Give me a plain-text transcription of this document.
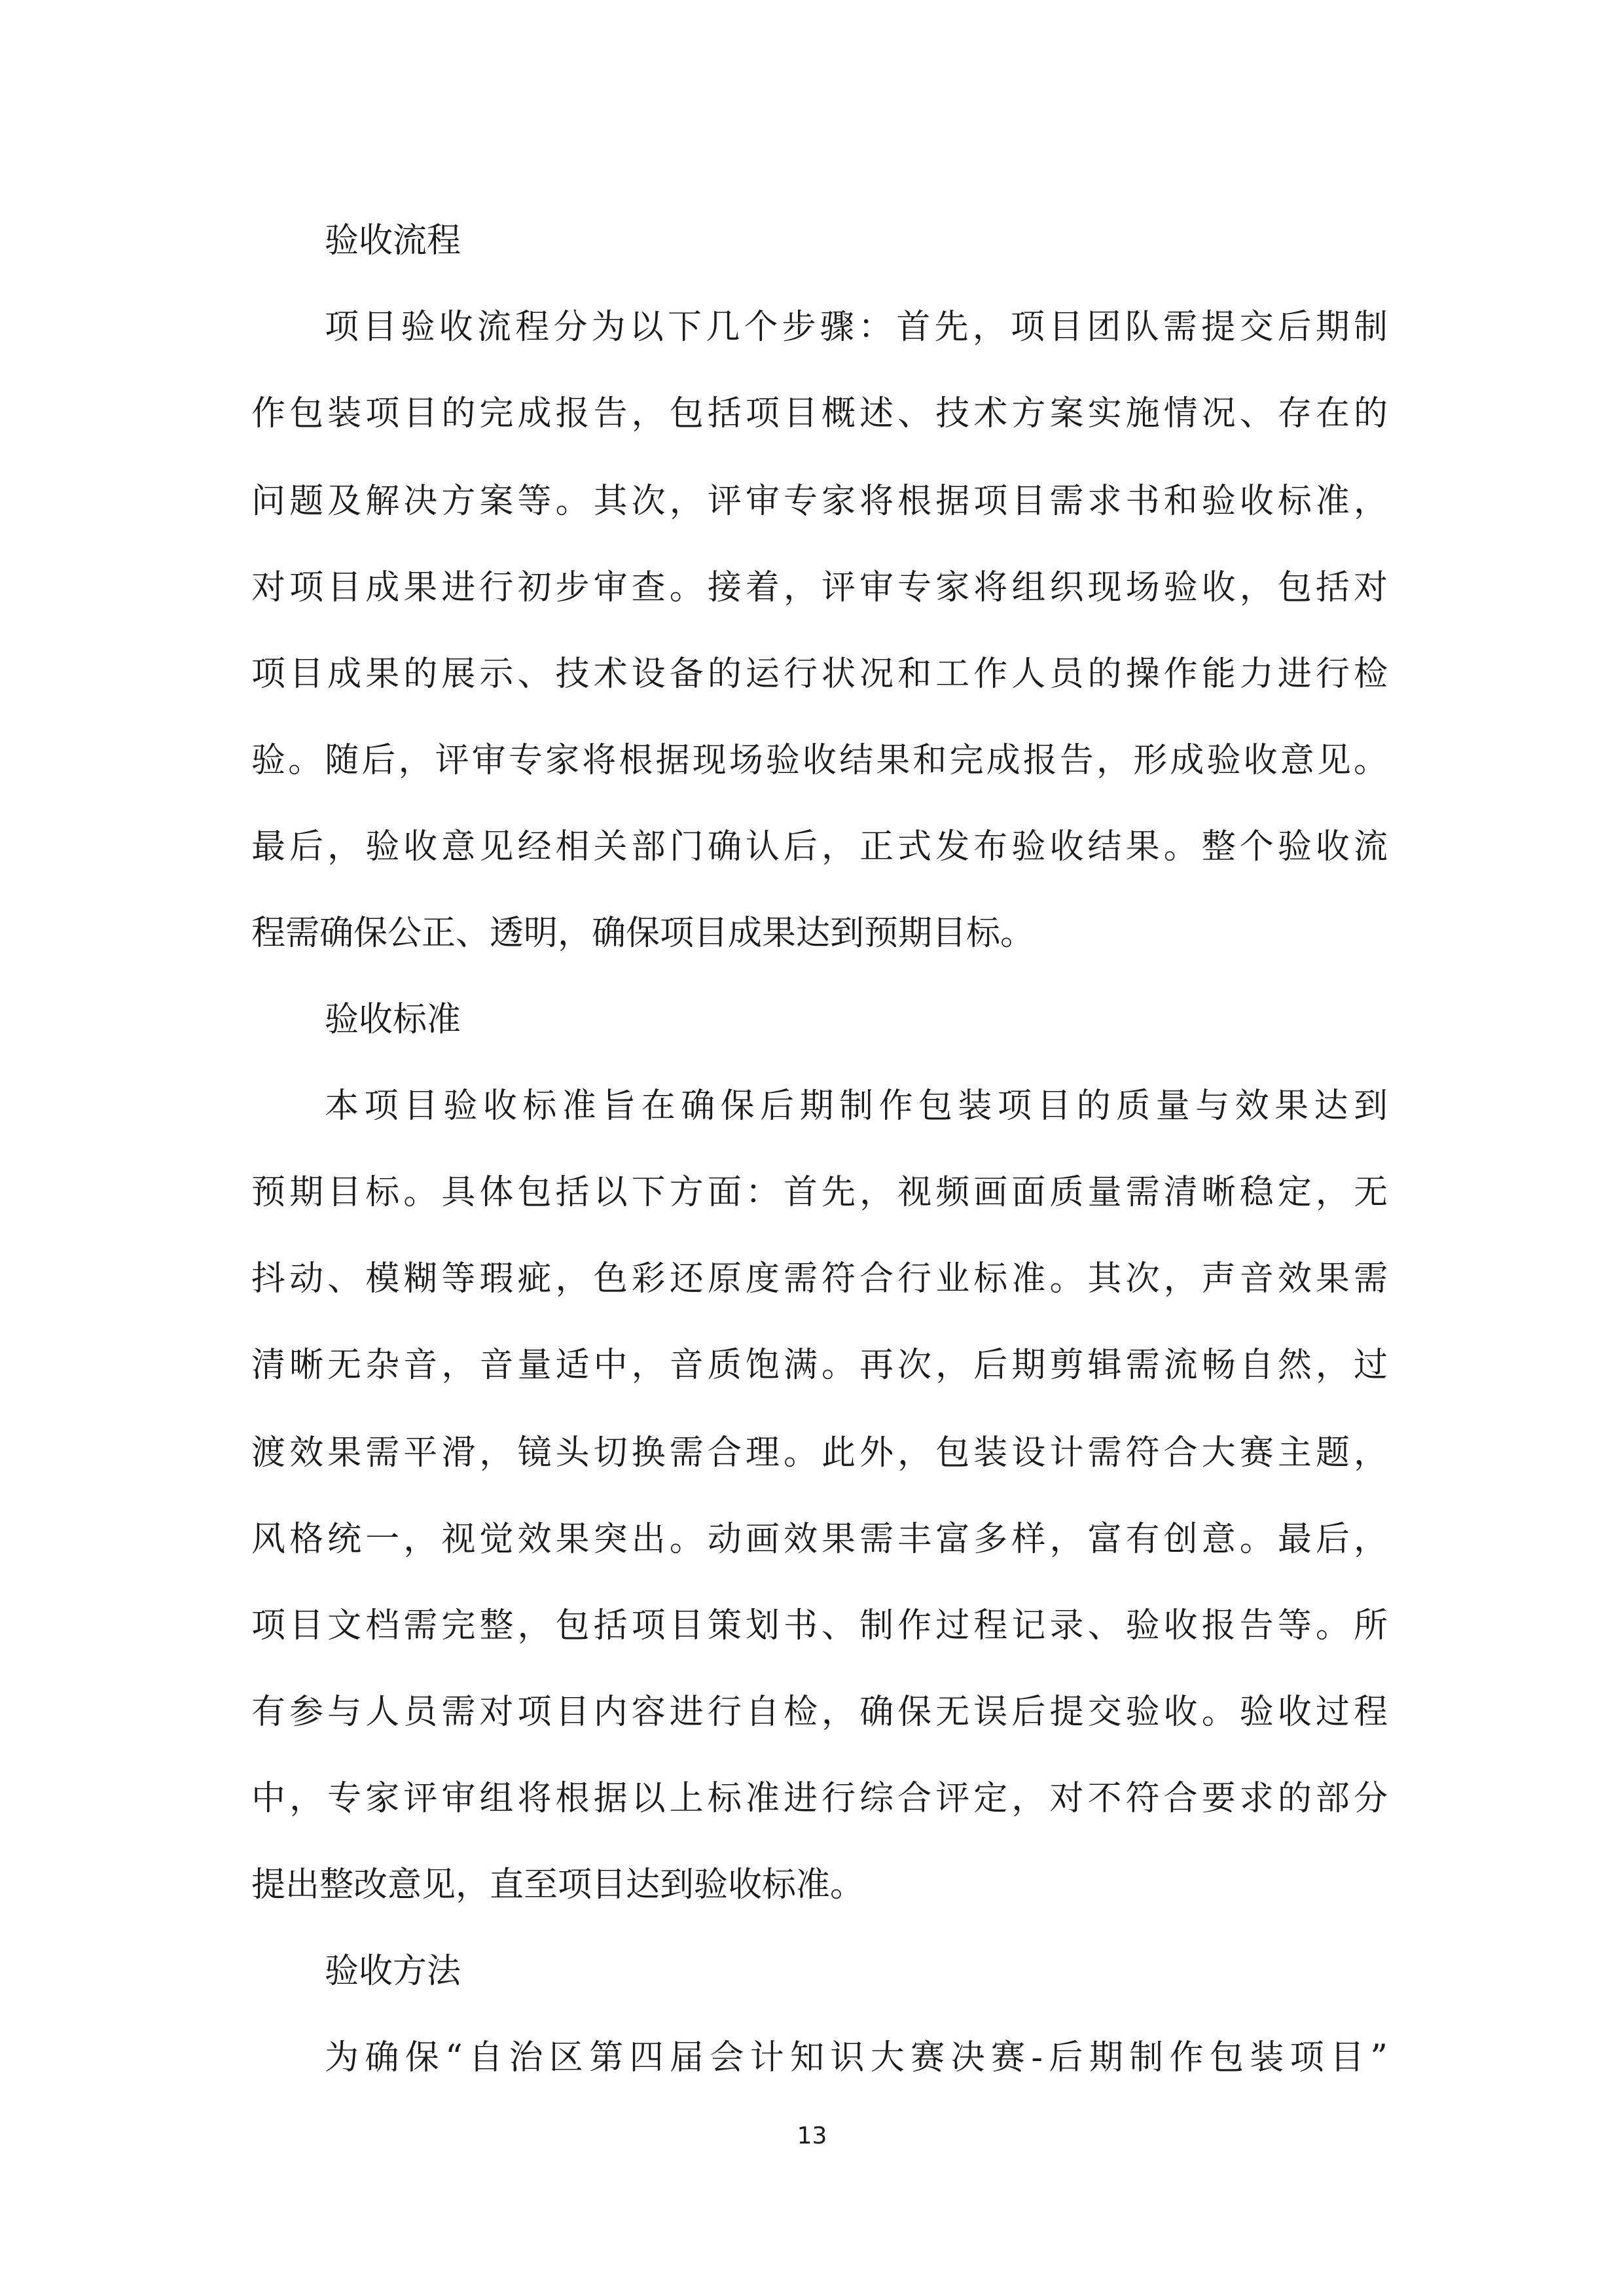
验收流程

项目验收流程分为以下几个步骤：首先，项目团队需提交后期制

作包装项目的完成报告，包括项目概述、技术方案实施情况、存在的

问题及解决方案等。其次，评审专家将根据项目需求书和验收标准，

对项目成果进行初步审查。接着，评审专家将组织现场验收，包括对

项目成果的展示、技术设备的运行状况和工作人员的操作能力进行检

验。随后，评审专家将根据现场验收结果和完成报告，形成验收意见。

最后，验收意见经相关部门确认后，正式发布验收结果。整个验收流

程需确保公正、透明，确保项目成果达到预期目标。

验收标准

本项目验收标准旨在确保后期制作包装项目的质量与效果达到

预期目标。具体包括以下方面：首先，视频画面质量需清晰稳定，无

抖动、模糊等瑕疵，色彩还原度需符合行业标准。其次，声音效果需

清晰无杂音，音量适中，音质饱满。再次，后期剪辑需流畅自然，过

渡效果需平滑，镜头切换需合理。此外，包装设计需符合大赛主题，

风格统一，视觉效果突出。动画效果需丰富多样，富有创意。最后，

项目文档需完整，包括项目策划书、制作过程记录、验收报告等。所

有参与人员需对项目内容进行自检，确保无误后提交验收。验收过程

中，专家评审组将根据以上标准进行综合评定，对不符合要求的部分

提出整改意见，直至项目达到验收标准。

验收方法

为确保“自治区第四届会计知识大赛决赛-后期制作包装项目”

13
